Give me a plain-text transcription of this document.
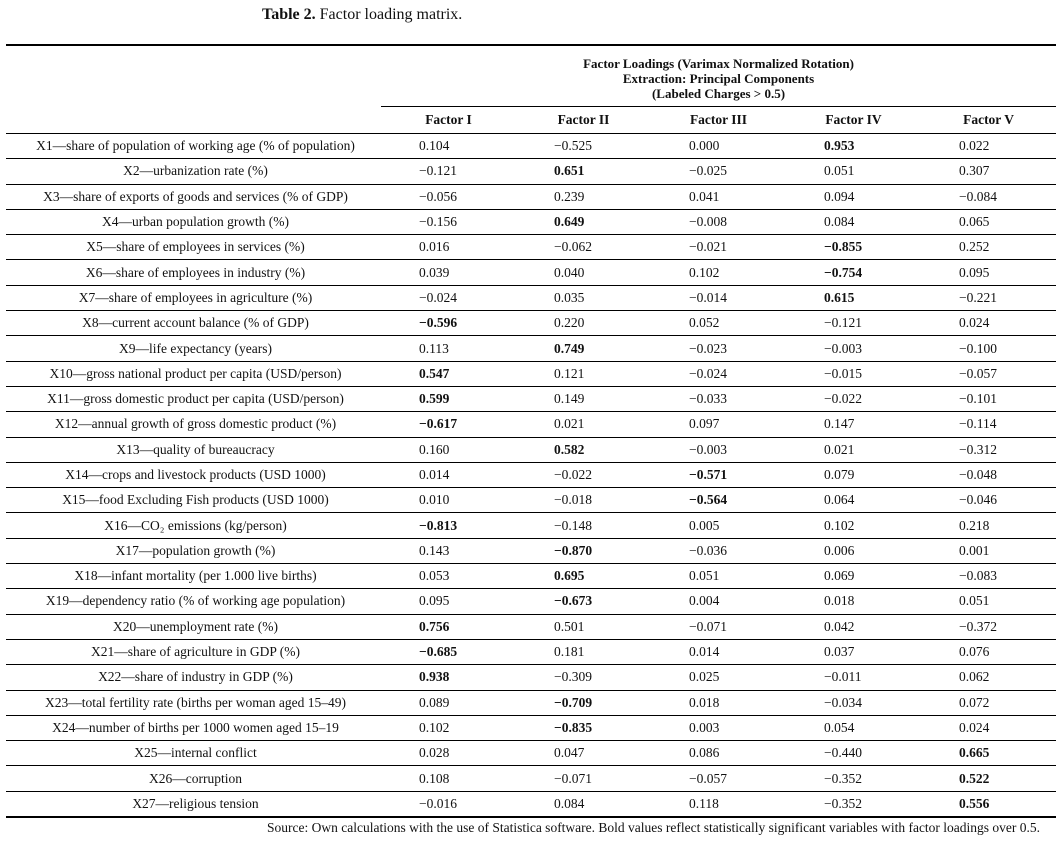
Table 2. Factor loading matrix.

	Factor Loadings (Varimax Normalized Rotation)
Extraction: Principal Components
(Labeled Charges > 0.5)				

	Factor I	Factor II	Factor III	Factor IV	Factor V
X1—share of population of working age (% of population)	0.104	−0.525	0.000	0.953	0.022
X2—urbanization rate (%)	−0.121	0.651	−0.025	0.051	0.307
X3—share of exports of goods and services (% of GDP)	−0.056	0.239	0.041	0.094	−0.084
X4—urban population growth (%)	−0.156	0.649	−0.008	0.084	0.065
X5—share of employees in services (%)	0.016	−0.062	−0.021	−0.855	0.252
X6—share of employees in industry (%)	0.039	0.040	0.102	−0.754	0.095
X7—share of employees in agriculture (%)	−0.024	0.035	−0.014	0.615	−0.221
X8—current account balance (% of GDP)	−0.596	0.220	0.052	−0.121	0.024
X9—life expectancy (years)	0.113	0.749	−0.023	−0.003	−0.100
X10—gross national product per capita (USD/person)	0.547	0.121	−0.024	−0.015	−0.057
X11—gross domestic product per capita (USD/person)	0.599	0.149	−0.033	−0.022	−0.101
X12—annual growth of gross domestic product (%)	−0.617	0.021	0.097	0.147	−0.114
X13—quality of bureaucracy	0.160	0.582	−0.003	0.021	−0.312
X14—crops and livestock products (USD 1000)	0.014	−0.022	−0.571	0.079	−0.048
X15—food Excluding Fish products (USD 1000)	0.010	−0.018	−0.564	0.064	−0.046
X16—CO₂ emissions (kg/person)	−0.813	−0.148	0.005	0.102	0.218
X17—population growth (%)	0.143	−0.870	−0.036	0.006	0.001
X18—infant mortality (per 1.000 live births)	0.053	0.695	0.051	0.069	−0.083
X19—dependency ratio (% of working age population)	0.095	−0.673	0.004	0.018	0.051
X20—unemployment rate (%)	0.756	0.501	−0.071	0.042	−0.372
X21—share of agriculture in GDP (%)	−0.685	0.181	0.014	0.037	0.076
X22—share of industry in GDP (%)	0.938	−0.309	0.025	−0.011	0.062
X23—total fertility rate (births per woman aged 15–49)	0.089	−0.709	0.018	−0.034	0.072
X24—number of births per 1000 women aged 15–19	0.102	−0.835	0.003	0.054	0.024
X25—internal conflict	0.028	0.047	0.086	−0.440	0.665
X26—corruption	0.108	−0.071	−0.057	−0.352	0.522
X27—religious tension	−0.016	0.084	0.118	−0.352	0.556
Source: Own calculations with the use of Statistica software. Bold values reflect statistically significant variables with factor loadings over 0.5.
